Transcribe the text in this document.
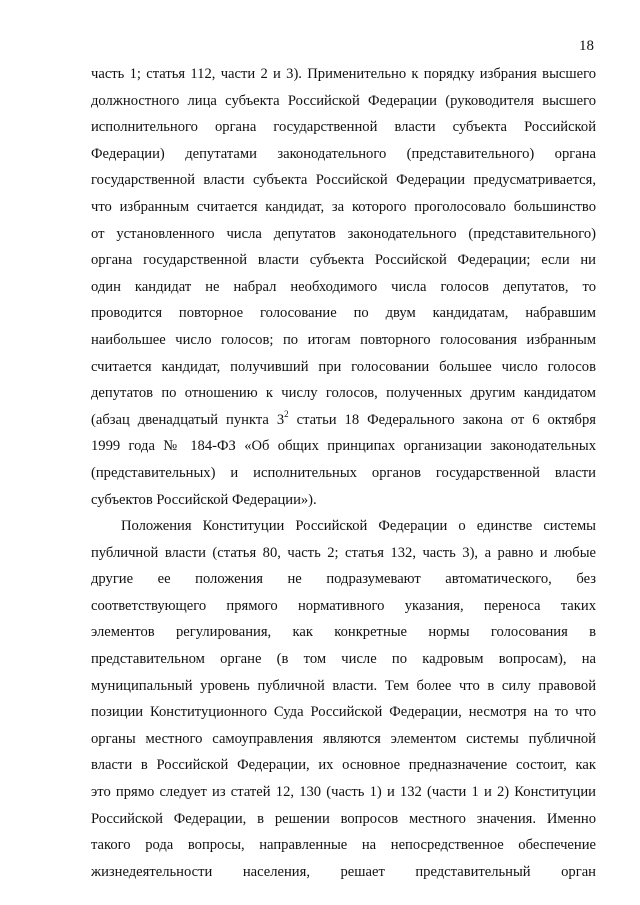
18
часть 1; статья 112, части 2 и 3). Применительно к порядку избрания высшего
должностного лица субъекта Российской Федерации (руководителя высшего
исполнительного органа государственной власти субъекта Российской
Федерации) депутатами законодательного (представительного) органа
государственной власти субъекта Российской Федерации предусматривается,
что избранным считается кандидат, за которого проголосовало большинство
от установленного числа депутатов законодательного (представительного)
органа государственной власти субъекта Российской Федерации; если ни
один кандидат не набрал необходимого числа голосов депутатов, то
проводится повторное голосование по двум кандидатам, набравшим
наибольшее число голосов; по итогам повторного голосования избранным
считается кандидат, получивший при голосовании большее число голосов
депутатов по отношению к числу голосов, полученных другим кандидатом
(абзац двенадцатый пункта $3^2$ статьи 18 Федерального закона от 6 октября
1999 года № 184-ФЗ «Об общих принципах организации законодательных
(представительных) и исполнительных органов государственной власти
субъектов Российской Федерации»).
Положения Конституции Российской Федерации о единстве системы
публичной власти (статья 80, часть 2; статья 132, часть 3), а равно и любые
другие ее положения не подразумевают автоматического, без
соответствующего прямого нормативного указания, переноса таких
элементов регулирования, как конкретные нормы голосования в
представительном органе (в том числе по кадровым вопросам), на
муниципальный уровень публичной власти. Тем более что в силу правовой
позиции Конституционного Суда Российской Федерации, несмотря на то что
органы местного самоуправления являются элементом системы публичной
власти в Российской Федерации, их основное предназначение состоит, как
это прямо следует из статей 12, 130 (часть 1) и 132 (части 1 и 2) Конституции
Российской Федерации, в решении вопросов местного значения. Именно
такого рода вопросы, направленные на непосредственное обеспечение
жизнедеятельности населения, решает представительный орган
